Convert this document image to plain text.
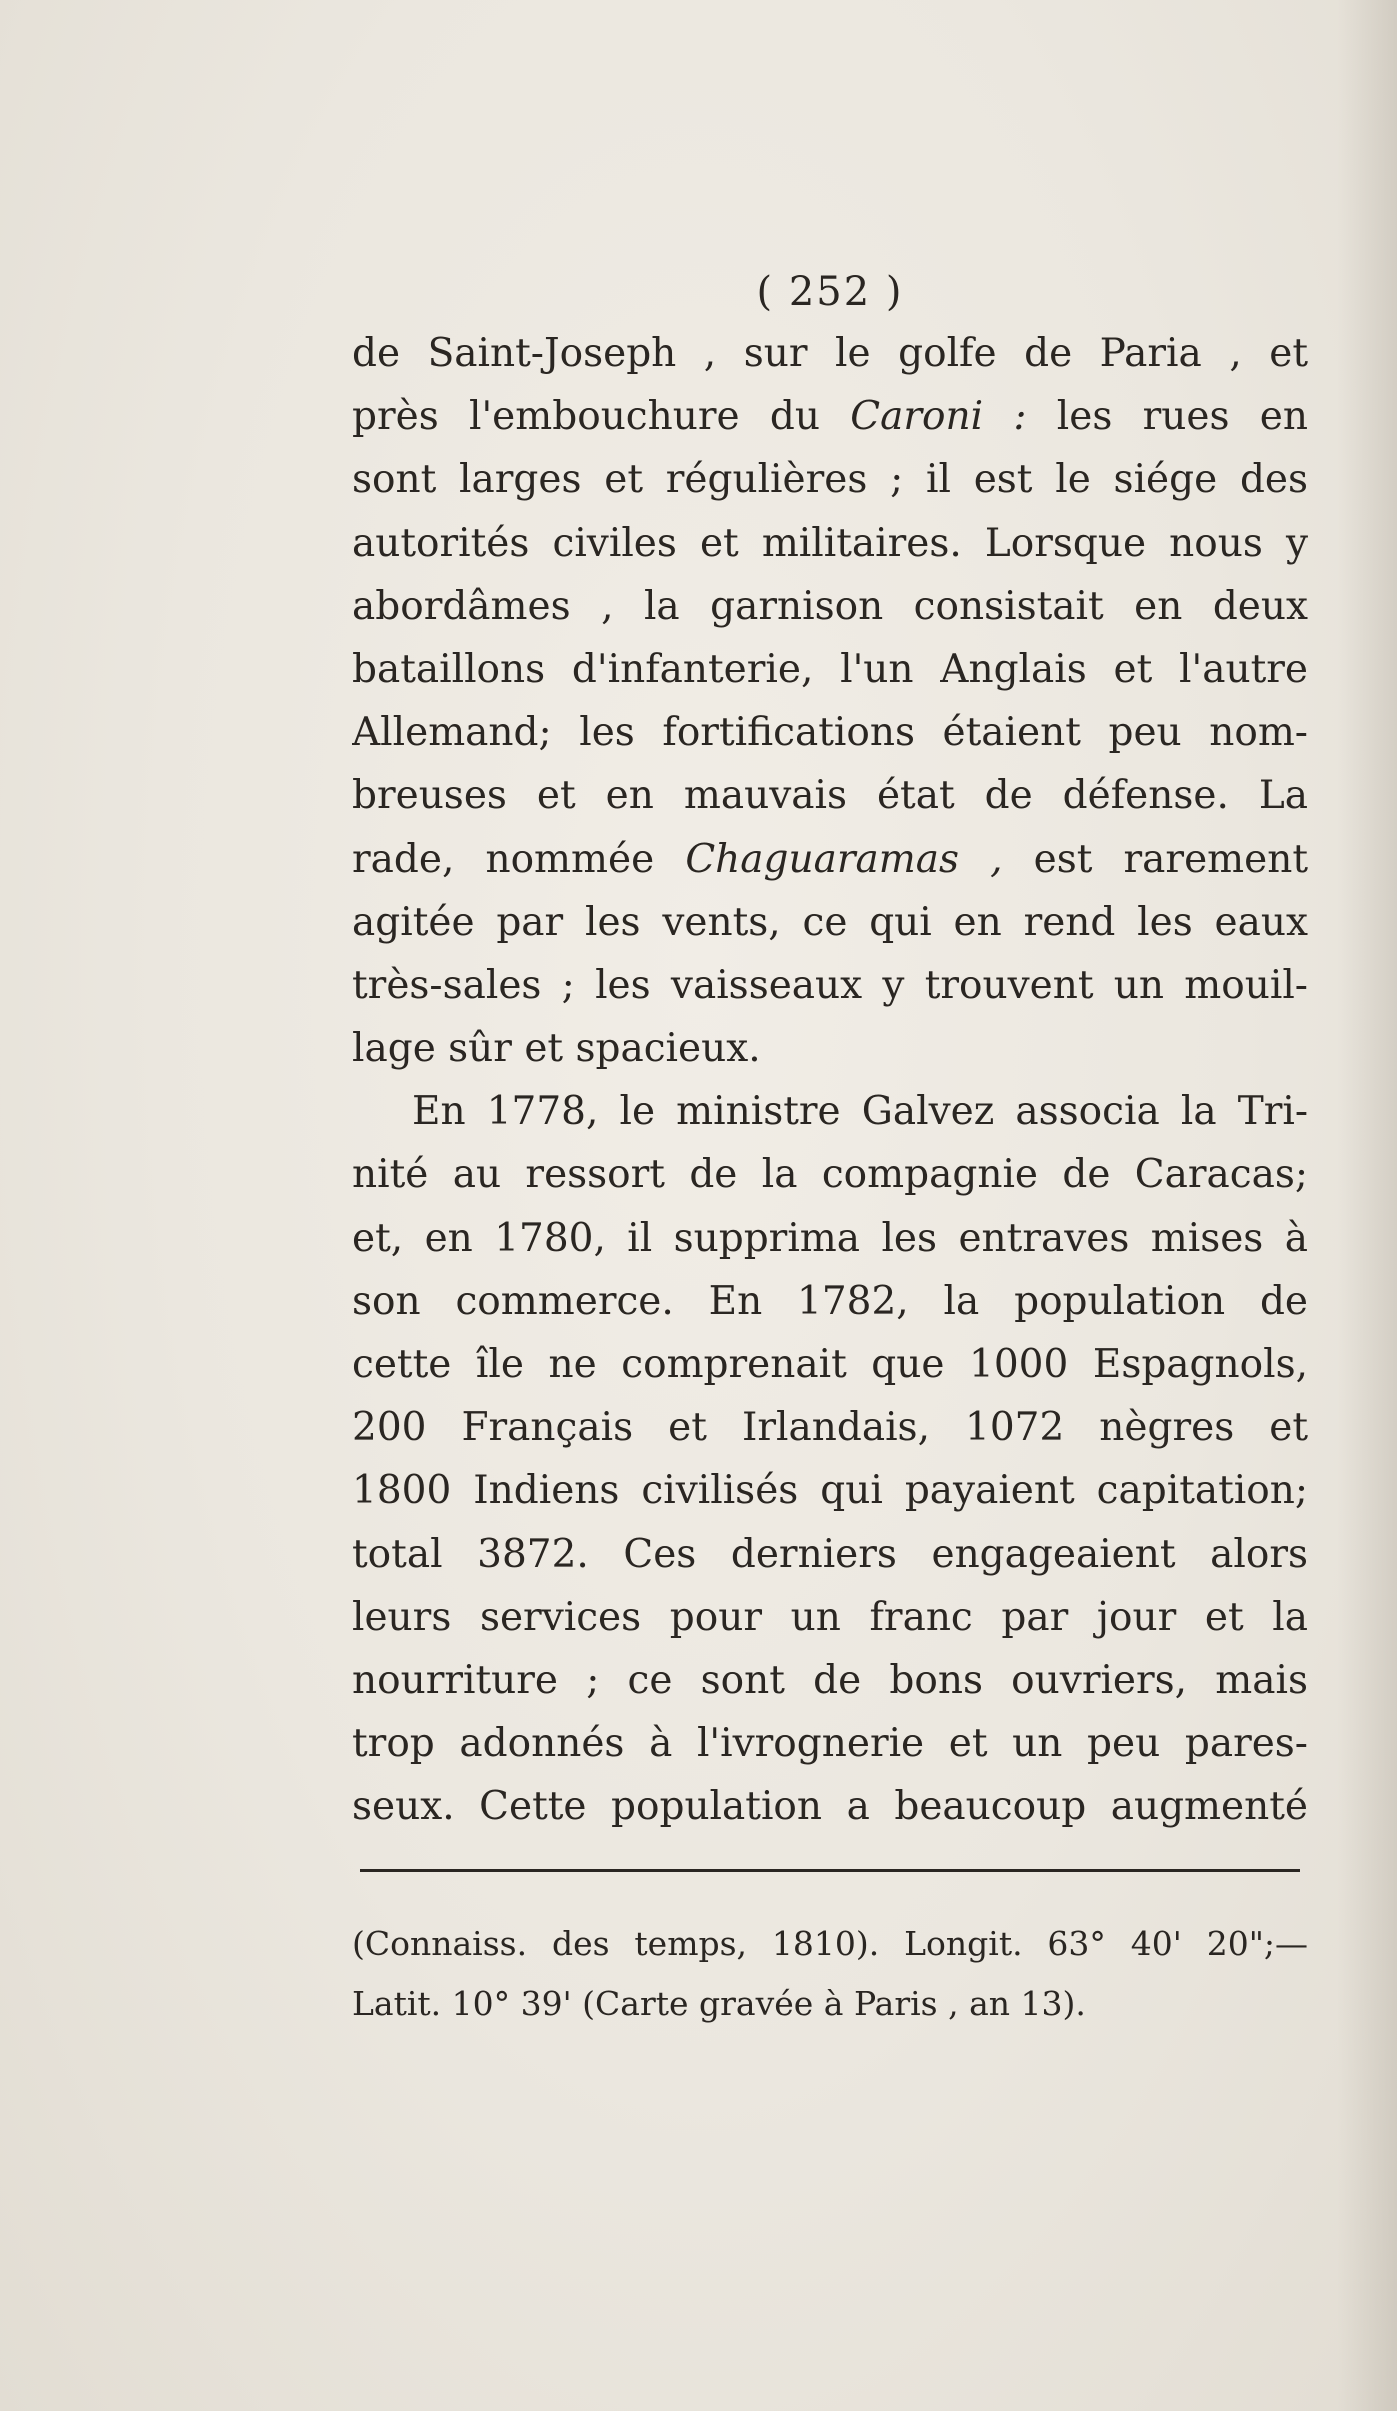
( 252 )
de Saint-Joseph , sur le golfe de Paria , et
près l'embouchure du Caroni : les rues en
sont larges et régulières ; il est le siége des
autorités civiles et militaires. Lorsque nous y
abordâmes , la garnison consistait en deux
bataillons d'infanterie, l'un Anglais et l'autre
Allemand; les fortifications étaient peu nom-
breuses et en mauvais état de défense. La
rade, nommée Chaguaramas , est rarement
agitée par les vents, ce qui en rend les eaux
très-sales ; les vaisseaux y trouvent un mouil-
lage sûr et spacieux.
En 1778, le ministre Galvez associa la Tri-
nité au ressort de la compagnie de Caracas;
et, en 1780, il supprima les entraves mises à
son commerce. En 1782, la population de
cette île ne comprenait que 1000 Espagnols,
200 Français et Irlandais, 1072 nègres et
1800 Indiens civilisés qui payaient capitation;
total 3872. Ces derniers engageaient alors
leurs services pour un franc par jour et la
nourriture ; ce sont de bons ouvriers, mais
trop adonnés à l'ivrognerie et un peu pares-
seux. Cette population a beaucoup augmenté
(Connaiss. des temps, 1810). Longit. 63° 40' 20";—
Latit. 10° 39' (Carte gravée à Paris , an 13).
